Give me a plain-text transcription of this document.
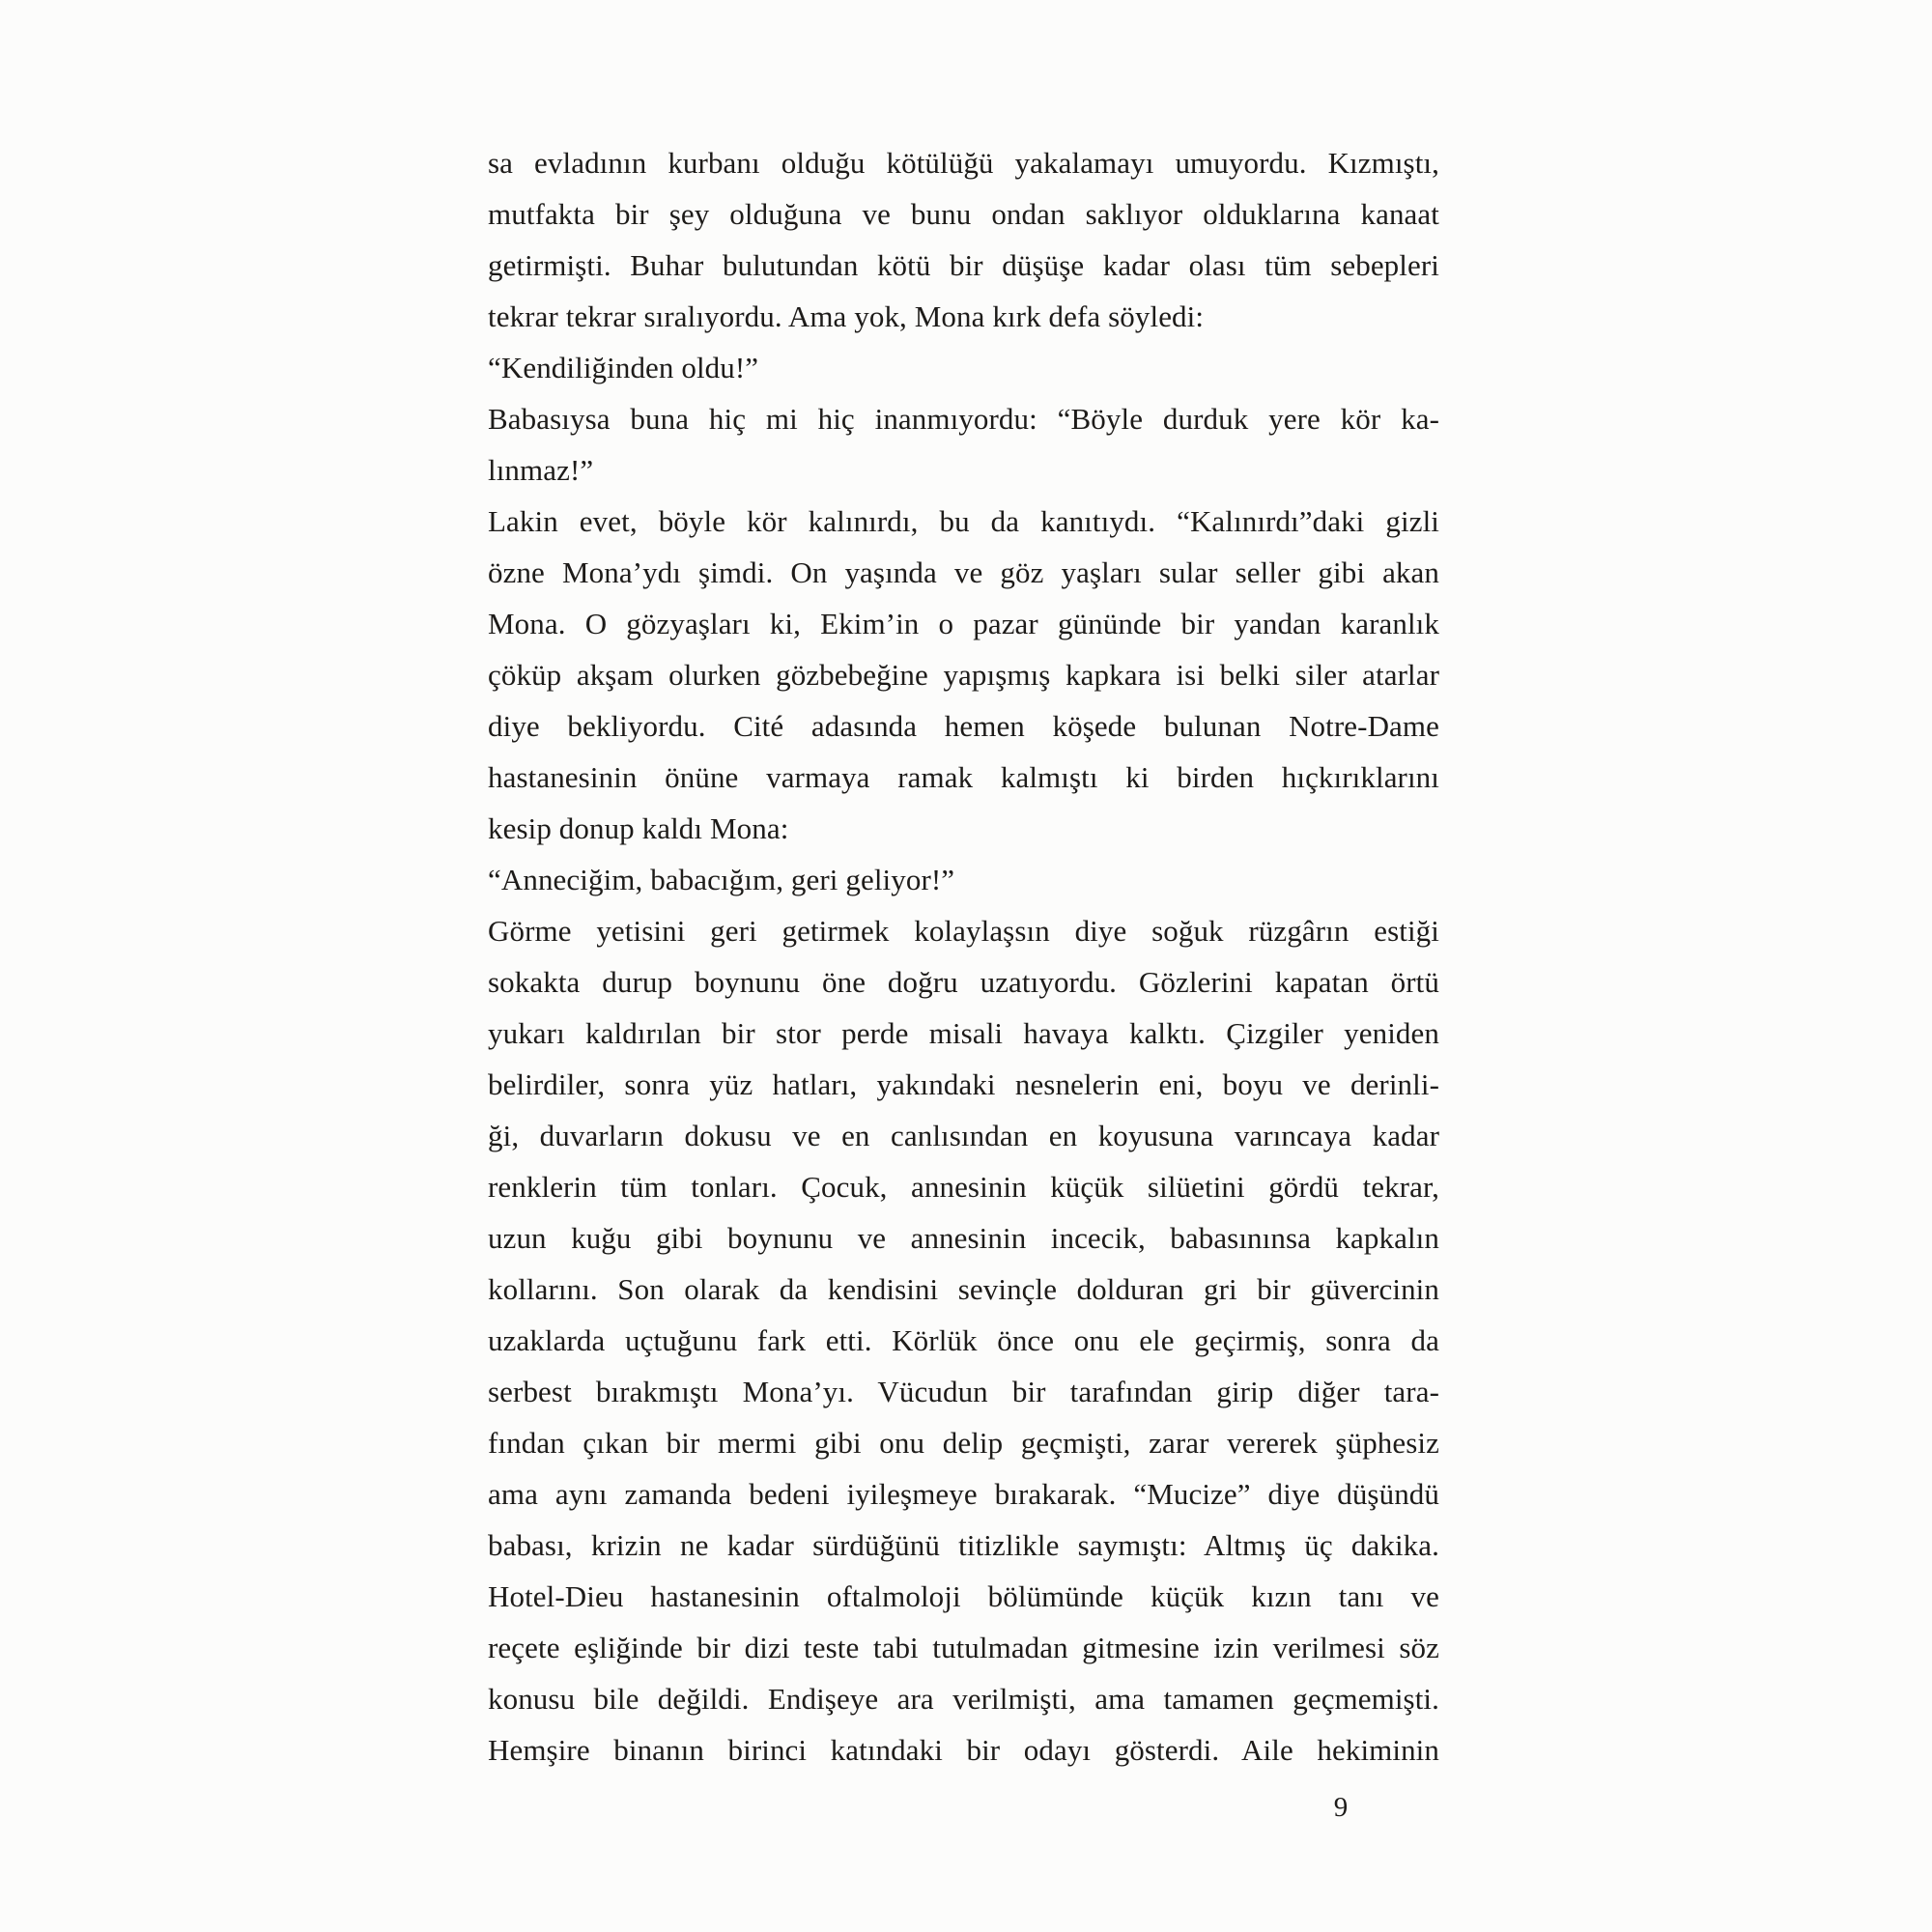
sa evladının kurbanı olduğu kötülüğü yakalamayı umuyordu. Kızmıştı,
mutfakta bir şey olduğuna ve bunu ondan saklıyor olduklarına kanaat
getirmişti. Buhar bulutundan kötü bir düşüşe kadar olası tüm sebepleri
tekrar tekrar sıralıyordu. Ama yok, Mona kırk defa söyledi:
“Kendiliğinden oldu!”
Babasıysa buna hiç mi hiç inanmıyordu: “Böyle durduk yere kör ka-
lınmaz!”
Lakin evet, böyle kör kalınırdı, bu da kanıtıydı. “Kalınırdı”daki gizli
özne Mona’ydı şimdi. On yaşında ve göz yaşları sular seller gibi akan
Mona. O gözyaşları ki, Ekim’in o pazar gününde bir yandan karanlık
çöküp akşam olurken gözbebeğine yapışmış kapkara isi belki siler atarlar
diye bekliyordu. Cité adasında hemen köşede bulunan Notre-Dame
hastanesinin önüne varmaya ramak kalmıştı ki birden hıçkırıklarını
kesip donup kaldı Mona:
“Anneciğim, babacığım, geri geliyor!”
Görme yetisini geri getirmek kolaylaşsın diye soğuk rüzgârın estiği
sokakta durup boynunu öne doğru uzatıyordu. Gözlerini kapatan örtü
yukarı kaldırılan bir stor perde misali havaya kalktı. Çizgiler yeniden
belirdiler, sonra yüz hatları, yakındaki nesnelerin eni, boyu ve derinli-
ği, duvarların dokusu ve en canlısından en koyusuna varıncaya kadar
renklerin tüm tonları. Çocuk, annesinin küçük silüetini gördü tekrar,
uzun kuğu gibi boynunu ve annesinin incecik, babasınınsa kapkalın
kollarını. Son olarak da kendisini sevinçle dolduran gri bir güvercinin
uzaklarda uçtuğunu fark etti. Körlük önce onu ele geçirmiş, sonra da
serbest bırakmıştı Mona’yı. Vücudun bir tarafından girip diğer tara-
fından çıkan bir mermi gibi onu delip geçmişti, zarar vererek şüphesiz
ama aynı zamanda bedeni iyileşmeye bırakarak. “Mucize” diye düşündü
babası, krizin ne kadar sürdüğünü titizlikle saymıştı: Altmış üç dakika.
Hotel-Dieu hastanesinin oftalmoloji bölümünde küçük kızın tanı ve
reçete eşliğinde bir dizi teste tabi tutulmadan gitmesine izin verilmesi söz
konusu bile değildi. Endişeye ara verilmişti, ama tamamen geçmemişti.
Hemşire binanın birinci katındaki bir odayı gösterdi. Aile hekiminin
9
